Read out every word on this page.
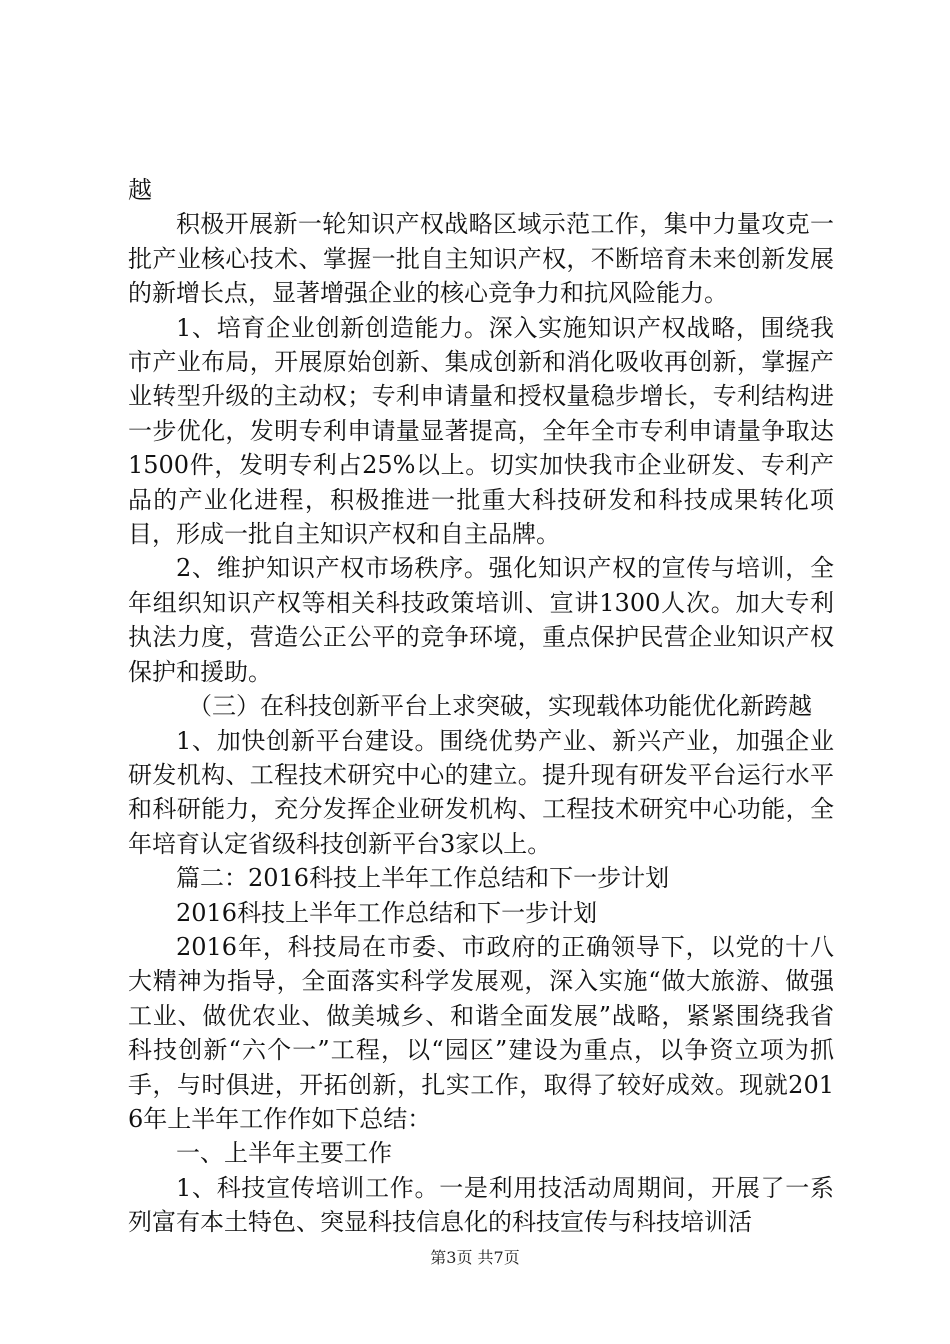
越

积极开展新一轮知识产权战略区域示范工作，集中力量攻克一批产业核心技术、掌握一批自主知识产权，不断培育未来创新发展的新增长点，显著增强企业的核心竞争力和抗风险能力。

1、培育企业创新创造能力。深入实施知识产权战略，围绕我市产业布局，开展原始创新、集成创新和消化吸收再创新，掌握产业转型升级的主动权；专利申请量和授权量稳步增长，专利结构进一步优化，发明专利申请量显著提高，全年全市专利申请量争取达1500件，发明专利占25%以上。切实加快我市企业研发、专利产品的产业化进程，积极推进一批重大科技研发和科技成果转化项目，形成一批自主知识产权和自主品牌。

2、维护知识产权市场秩序。强化知识产权的宣传与培训，全年组织知识产权等相关科技政策培训、宣讲1300人次。加大专利执法力度，营造公正公平的竞争环境，重点保护民营企业知识产权保护和援助。

（三）在科技创新平台上求突破，实现载体功能优化新跨越

1、加快创新平台建设。围绕优势产业、新兴产业，加强企业研发机构、工程技术研究中心的建立。提升现有研发平台运行水平和科研能力，充分发挥企业研发机构、工程技术研究中心功能，全年培育认定省级科技创新平台3家以上。

篇二：2016科技上半年工作总结和下一步计划

2016科技上半年工作总结和下一步计划

2016年，科技局在市委、市政府的正确领导下，以党的十八大精神为指导，全面落实科学发展观，深入实施“做大旅游、做强工业、做优农业、做美城乡、和谐全面发展”战略，紧紧围绕我省科技创新“六个一”工程，以“园区”建设为重点，以争资立项为抓手，与时俱进，开拓创新，扎实工作，取得了较好成效。现就2016年上半年工作作如下总结：

一、上半年主要工作

1、科技宣传培训工作。一是利用技活动周期间，开展了一系列富有本土特色、突显科技信息化的科技宣传与科技培训活

第3页 共7页
